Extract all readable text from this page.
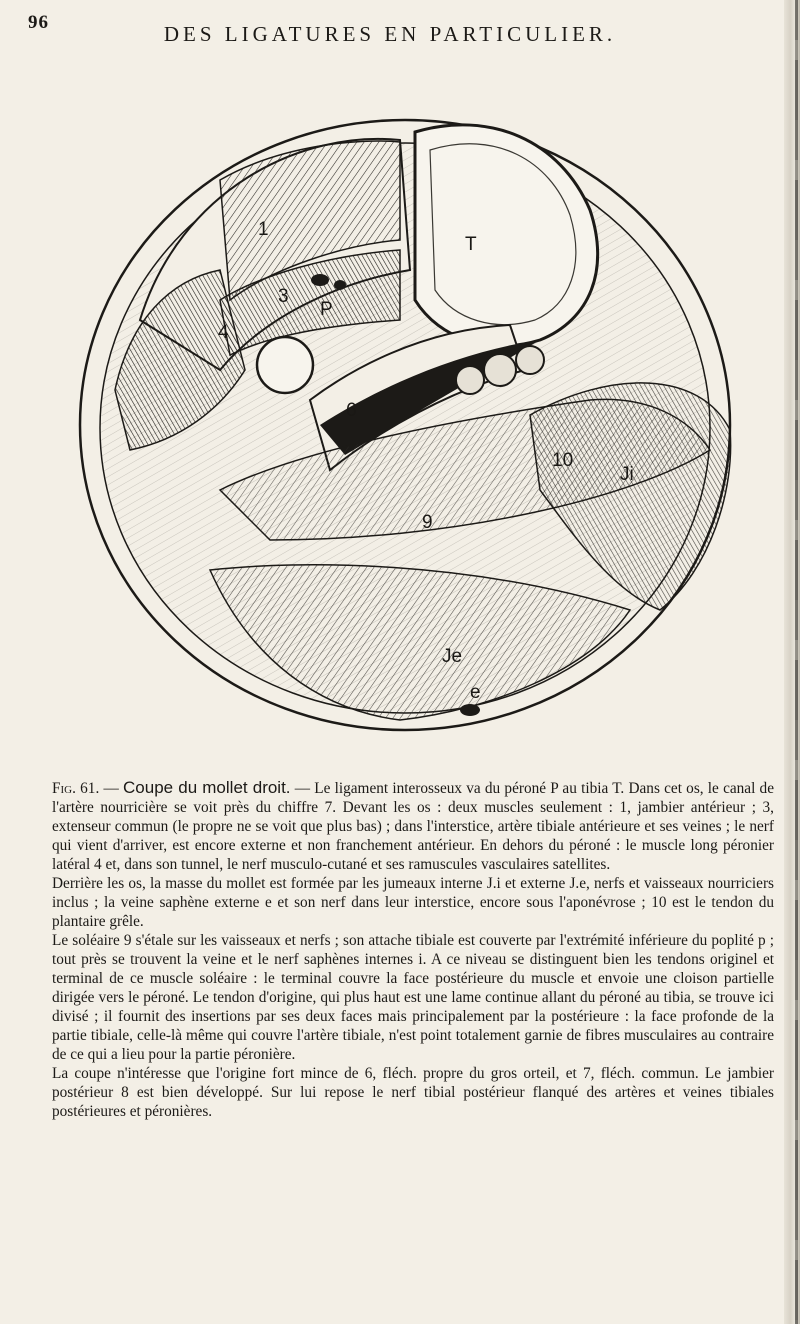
96	DES LIGATURES EN PARTICULIER.
T
P
1
3
4
6
9
10
Ji
Je
e

Fig. 61. — Coupe du mollet droit. — Le ligament interosseux va du péroné P au tibia T. Dans cet os, le canal de l'artère nourricière se voit près du chiffre 7. Devant les os : deux muscles seulement : 1, jambier antérieur ; 3, extenseur commun (le propre ne se voit que plus bas) ; dans l'interstice, artère tibiale antérieure et ses veines ; le nerf qui vient d'arriver, est encore externe et non franchement antérieur. En dehors du péroné : le muscle long péronier latéral 4 et, dans son tunnel, le nerf musculo-cutané et ses ramuscules vasculaires satellites.

Derrière les os, la masse du mollet est formée par les jumeaux interne J.i et externe J.e, nerfs et vaisseaux nourriciers inclus ; la veine saphène externe e et son nerf dans leur interstice, encore sous l'aponévrose ; 10 est le tendon du plantaire grêle.

Le soléaire 9 s'étale sur les vaisseaux et nerfs ; son attache tibiale est couverte par l'extrémité inférieure du poplité p ; tout près se trouvent la veine et le nerf saphènes internes i. A ce niveau se distinguent bien les tendons originel et terminal de ce muscle soléaire : le terminal couvre la face postérieure du muscle et envoie une cloison partielle dirigée vers le péroné. Le tendon d'origine, qui plus haut est une lame continue allant du péroné au tibia, se trouve ici divisé ; il fournit des insertions par ses deux faces mais principalement par la postérieure : la face profonde de la partie tibiale, celle-là même qui couvre l'artère tibiale, n'est point totalement garnie de fibres musculaires au contraire de ce qui a lieu pour la partie péronière.

La coupe n'intéresse que l'origine fort mince de 6, fléch. propre du gros orteil, et 7, fléch. commun. Le jambier postérieur 8 est bien développé. Sur lui repose le nerf tibial postérieur flanqué des artères et veines tibiales postérieures et péronières.
